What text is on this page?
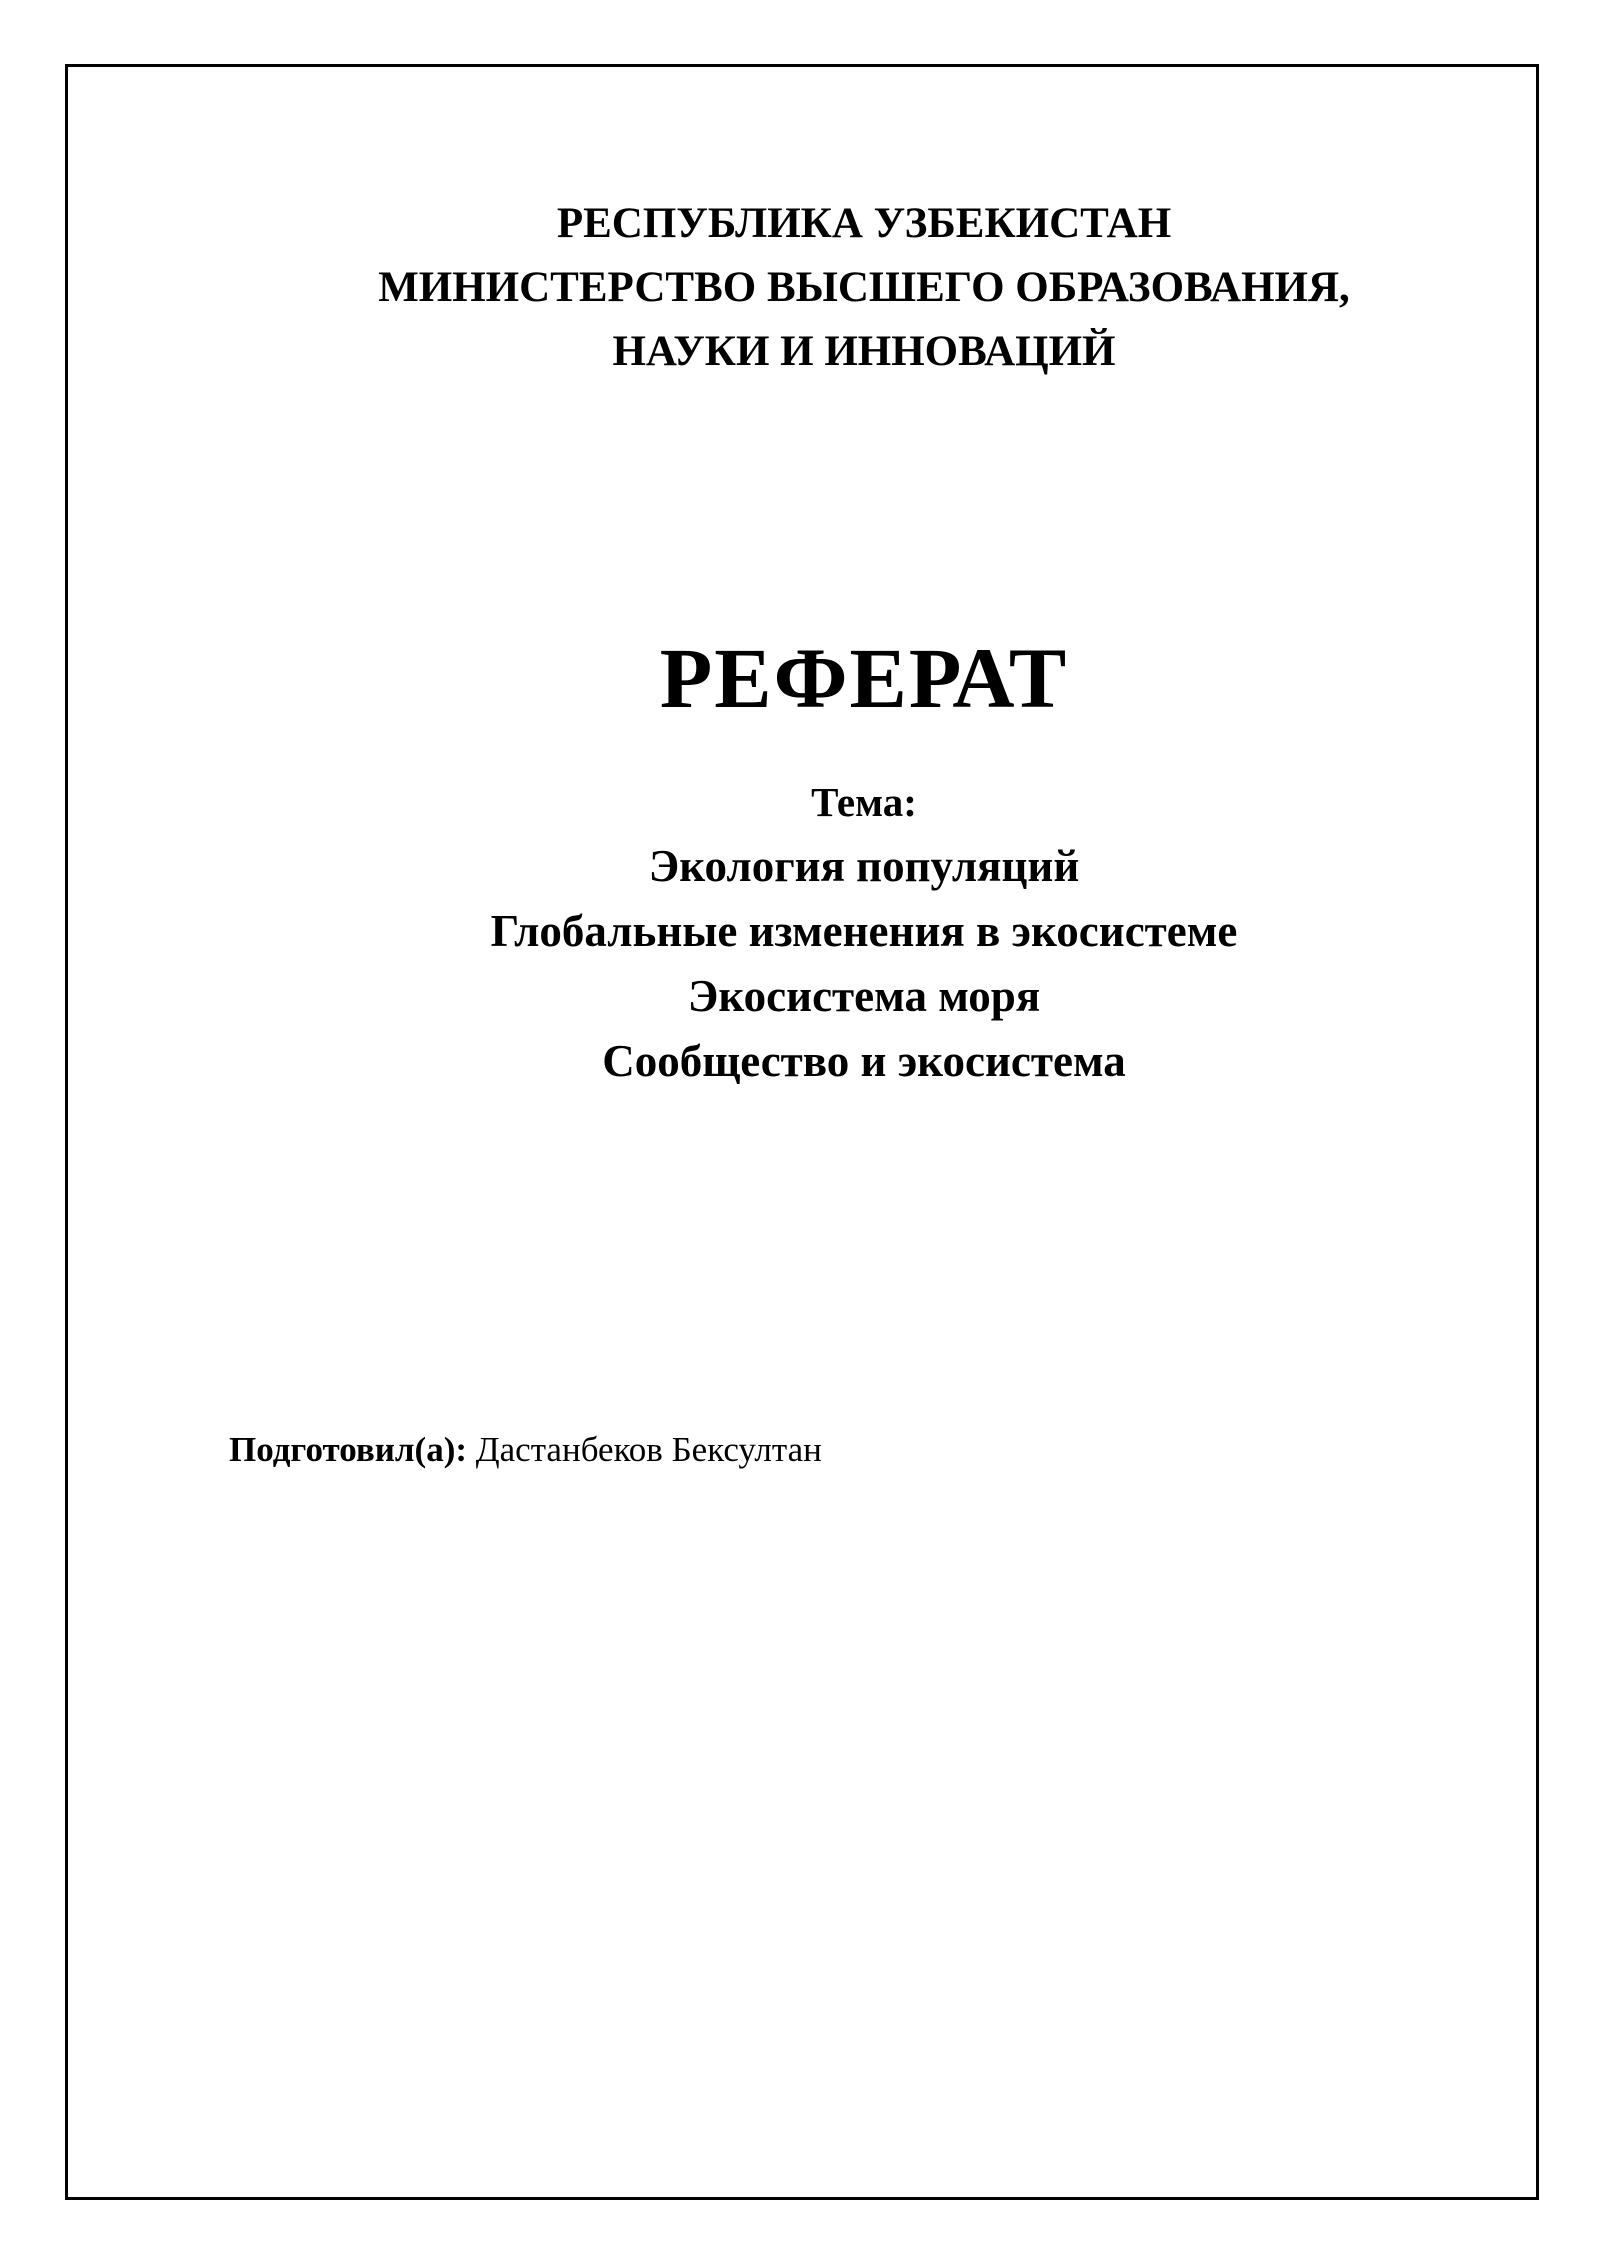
РЕСПУБЛИКА УЗБЕКИСТАН
МИНИСТЕРСТВО ВЫСШЕГО ОБРАЗОВАНИЯ,
НАУКИ И ИННОВАЦИЙ
РЕФЕРАТ
Тема:
Экология популяций
Глобальные изменения в экосистеме
Экосистема моря
Сообщество и экосистема
Подготовил(а): Дастанбеков Бексултан
